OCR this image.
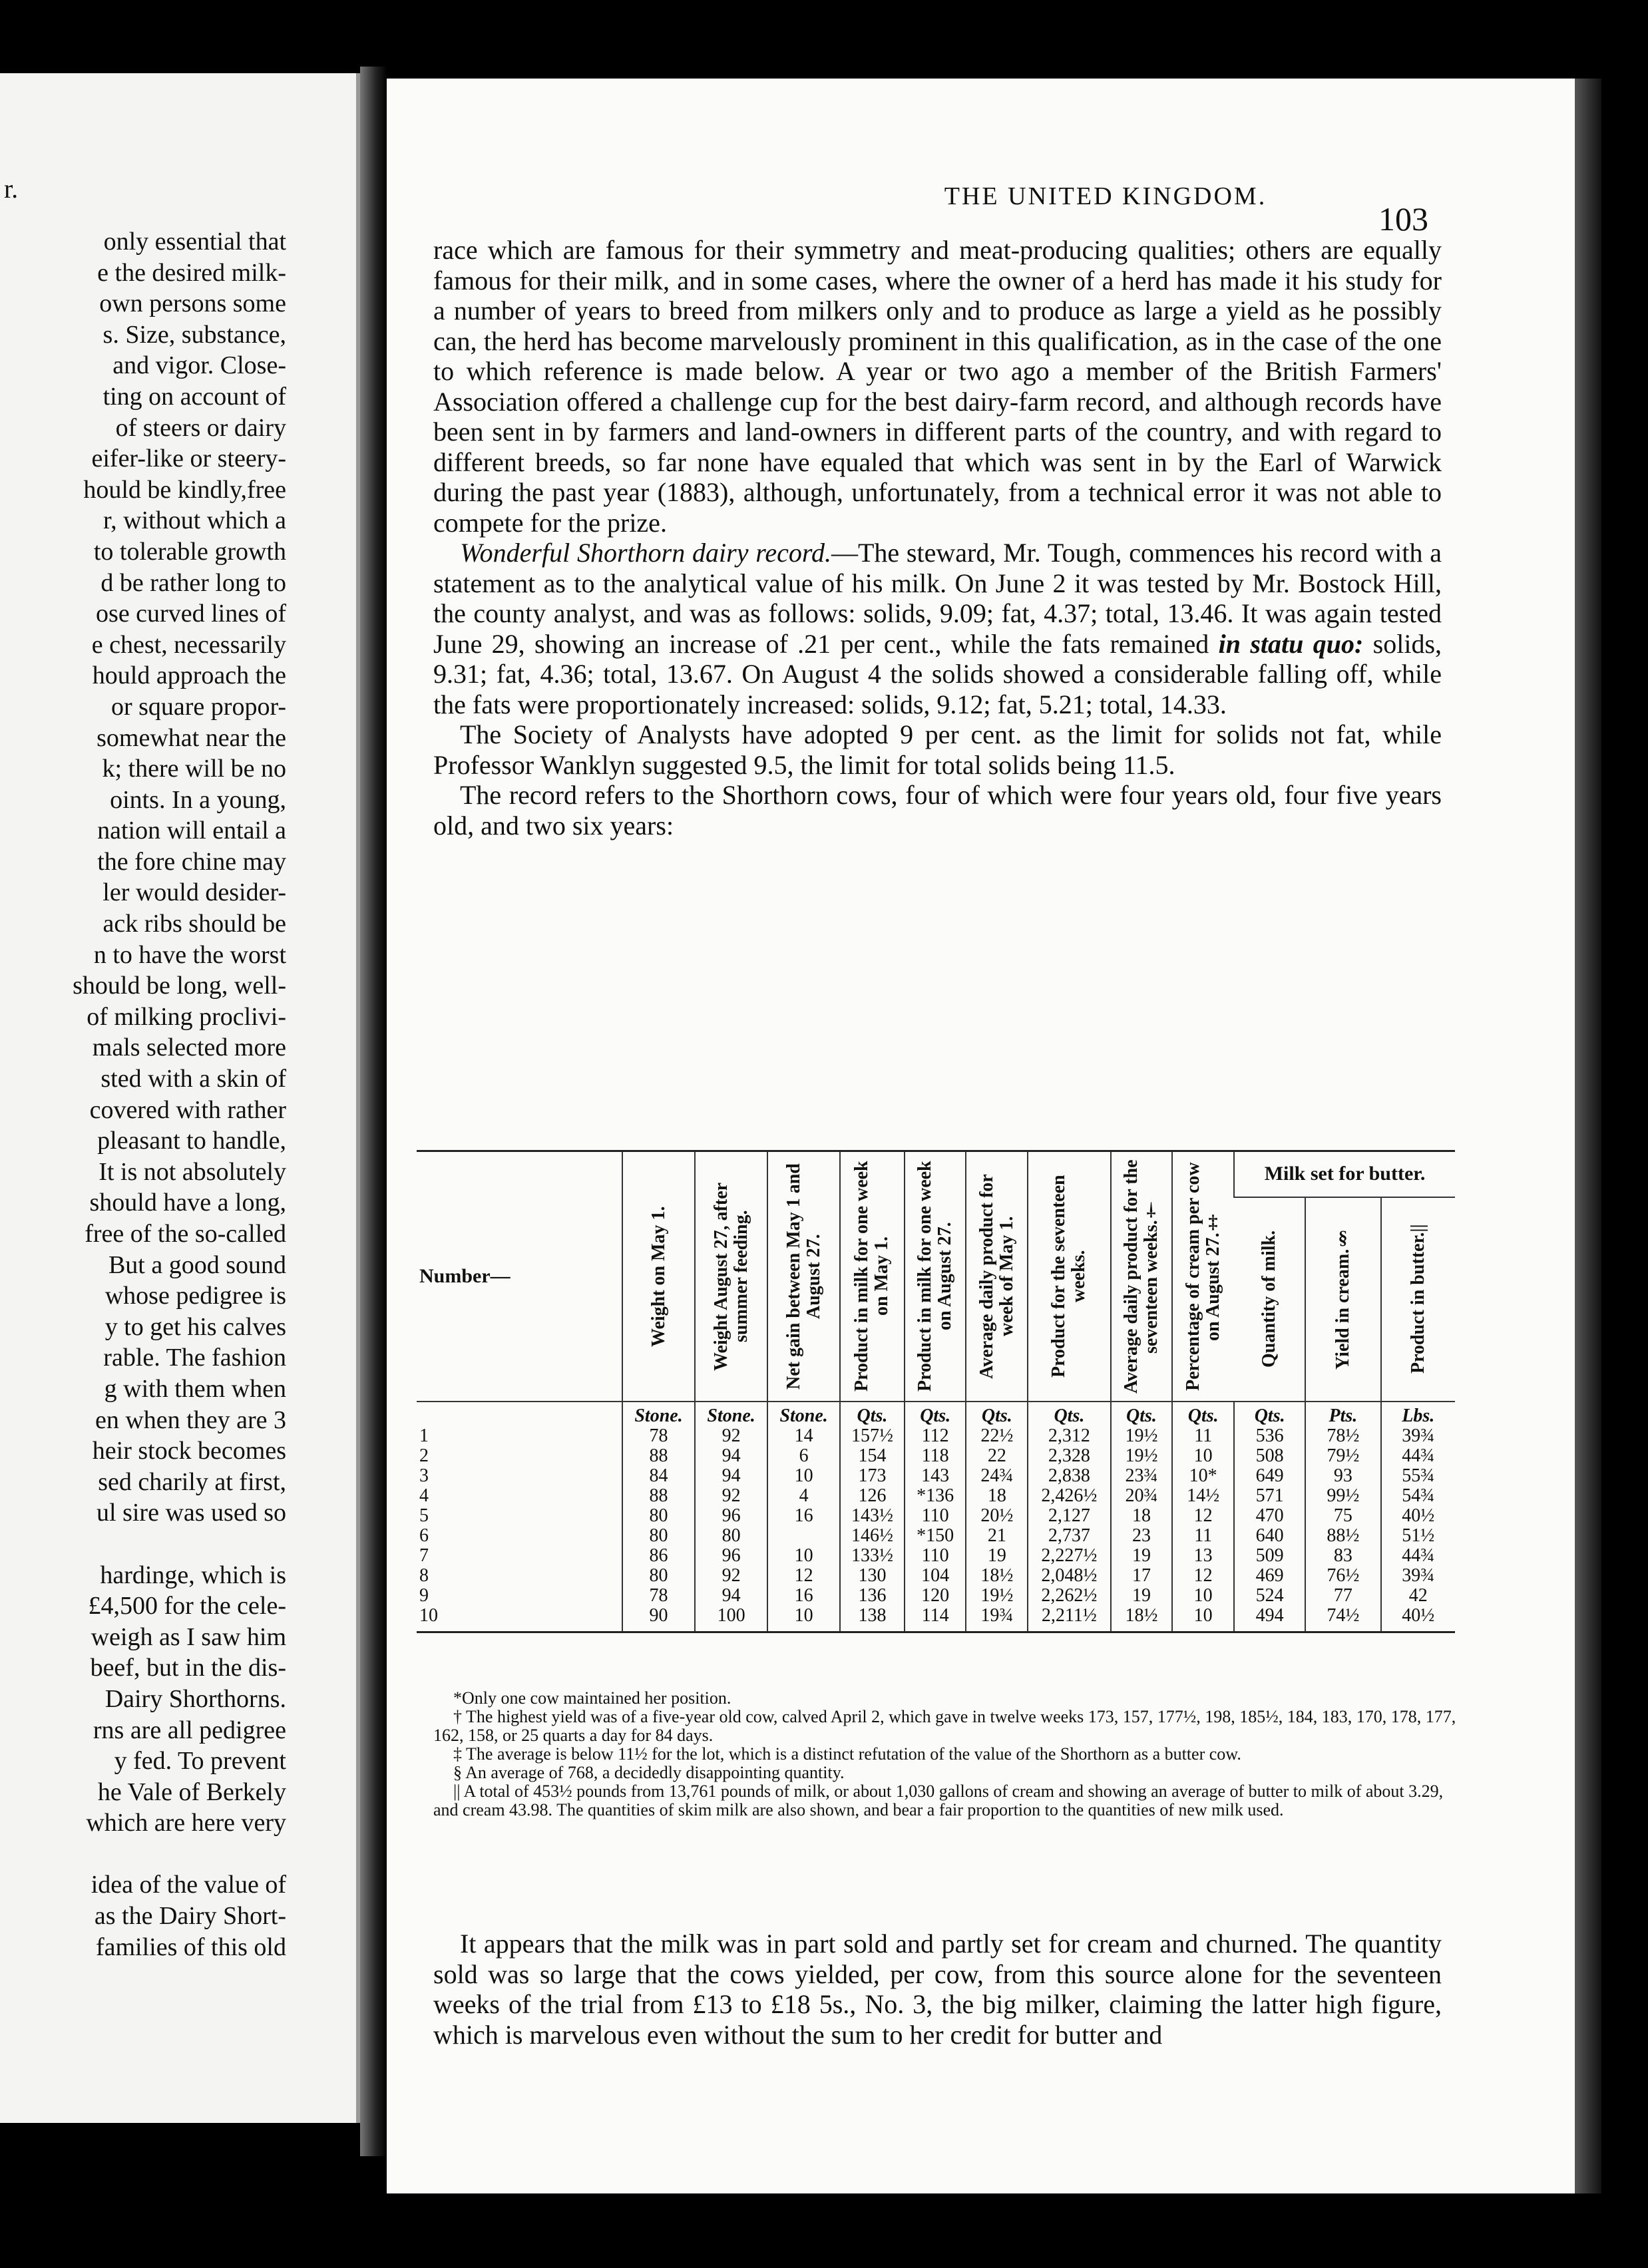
r.
only essential that
e the desired milk-
own persons some
s. Size, substance,
and vigor. Close-
ting on account of
of steers or dairy
eifer-like or steery-
hould be kindly,free
r, without which a
to tolerable growth
d be rather long to
ose curved lines of
e chest, necessarily
hould approach the
or square propor-
somewhat near the
k; there will be no
oints. In a young,
nation will entail a
the fore chine may
ler would desider-
ack ribs should be
n to have the worst
should be long, well-
of milking proclivi-
mals selected more
sted with a skin of
covered with rather
pleasant to handle,
It is not absolutely
should have a long,
free of the so-called
But a good sound
whose pedigree is
y to get his calves
rable. The fashion
g with them when
en when they are 3
heir stock becomes
sed charily at first,
ul sire was used so
hardinge, which is
£4,500 for the cele-
weigh as I saw him
beef, but in the dis-
Dairy Shorthorns.
rns are all pedigree
y fed. To prevent
he Vale of Berkely
which are here very
idea of the value of
as the Dairy Short-
families of this old
THE UNITED KINGDOM.
103

race which are famous for their symmetry and meat-producing qualities; others are equally famous for their milk, and in some cases, where the owner of a herd has made it his study for a number of years to breed from milkers only and to produce as large a yield as he possibly can, the herd has become marvelously prominent in this qualification, as in the case of the one to which reference is made below. A year or two ago a member of the British Farmers' Association offered a challenge cup for the best dairy-farm record, and although records have been sent in by farmers and land-owners in different parts of the country, and with regard to different breeds, so far none have equaled that which was sent in by the Earl of Warwick during the past year (1883), although, unfortunately, from a technical error it was not able to compete for the prize.

Wonderful Shorthorn dairy record.—The steward, Mr. Tough, commences his record with a statement as to the analytical value of his milk. On June 2 it was tested by Mr. Bostock Hill, the county analyst, and was as follows: solids, 9.09; fat, 4.37; total, 13.46. It was again tested June 29, showing an increase of .21 per cent., while the fats remained in statu quo: solids, 9.31; fat, 4.36; total, 13.67. On August 4 the solids showed a considerable falling off, while the fats were proportionately increased: solids, 9.12; fat, 5.21; total, 14.33.

The Society of Analysts have adopted 9 per cent. as the limit for solids not fat, while Professor Wanklyn suggested 9.5, the limit for total solids being 11.5.

The record refers to the Shorthorn cows, four of which were four years old, four five years old, and two six years:

Number—	Weight on May 1.	Weight August 27, after summer feeding.	Net gain between May 1 and August 27.	Product in milk for one week on May 1.	Product in milk for one week on August 27.	Average daily product for week of May 1.	Product for the seventeen weeks.	Average daily product for the seventeen weeks.†	Percentage of cream per cow on August 27.‡	Milk set for butter.		

										Quantity of milk.	Yield in cream.§	Product in butter.||

	Stone.	Stone.	Stone.	Qts.	Qts.	Qts.	Qts.	Qts.	Qts.	Qts.	Pts.	Lbs.
1	78	92	14	157½	112	22½	2,312	19½	11	536	78½	39¾
2	88	94	6	154	118	22	2,328	19½	10	508	79½	44¾
3	84	94	10	173	143	24¾	2,838	23¾	10*	649	93	55¾
4	88	92	4	126	*136	18	2,426½	20¾	14½	571	99½	54¾
5	80	96	16	143½	110	20½	2,127	18	12	470	75	40½
6	80	80		146½	*150	21	2,737	23	11	640	88½	51½
7	86	96	10	133½	110	19	2,227½	19	13	509	83	44¾
8	80	92	12	130	104	18½	2,048½	17	12	469	76½	39¾
9	78	94	16	136	120	19½	2,262½	19	10	524	77	42
10	90	100	10	138	114	19¾	2,211½	18½	10	494	74½	40½

*Only one cow maintained her position.

† The highest yield was of a five-year old cow, calved April 2, which gave in twelve weeks 173, 157, 177½, 198, 185½, 184, 183, 170, 178, 177, 162, 158, or 25 quarts a day for 84 days.

‡ The average is below 11½ for the lot, which is a distinct refutation of the value of the Shorthorn as a butter cow.

§ An average of 768, a decidedly disappointing quantity.

|| A total of 453½ pounds from 13,761 pounds of milk, or about 1,030 gallons of cream and showing an average of butter to milk of about 3.29, and cream 43.98. The quantities of skim milk are also shown, and bear a fair proportion to the quantities of new milk used.

It appears that the milk was in part sold and partly set for cream and churned. The quantity sold was so large that the cows yielded, per cow, from this source alone for the seventeen weeks of the trial from £13 to £18 5s., No. 3, the big milker, claiming the latter high figure, which is marvelous even without the sum to her credit for butter and
